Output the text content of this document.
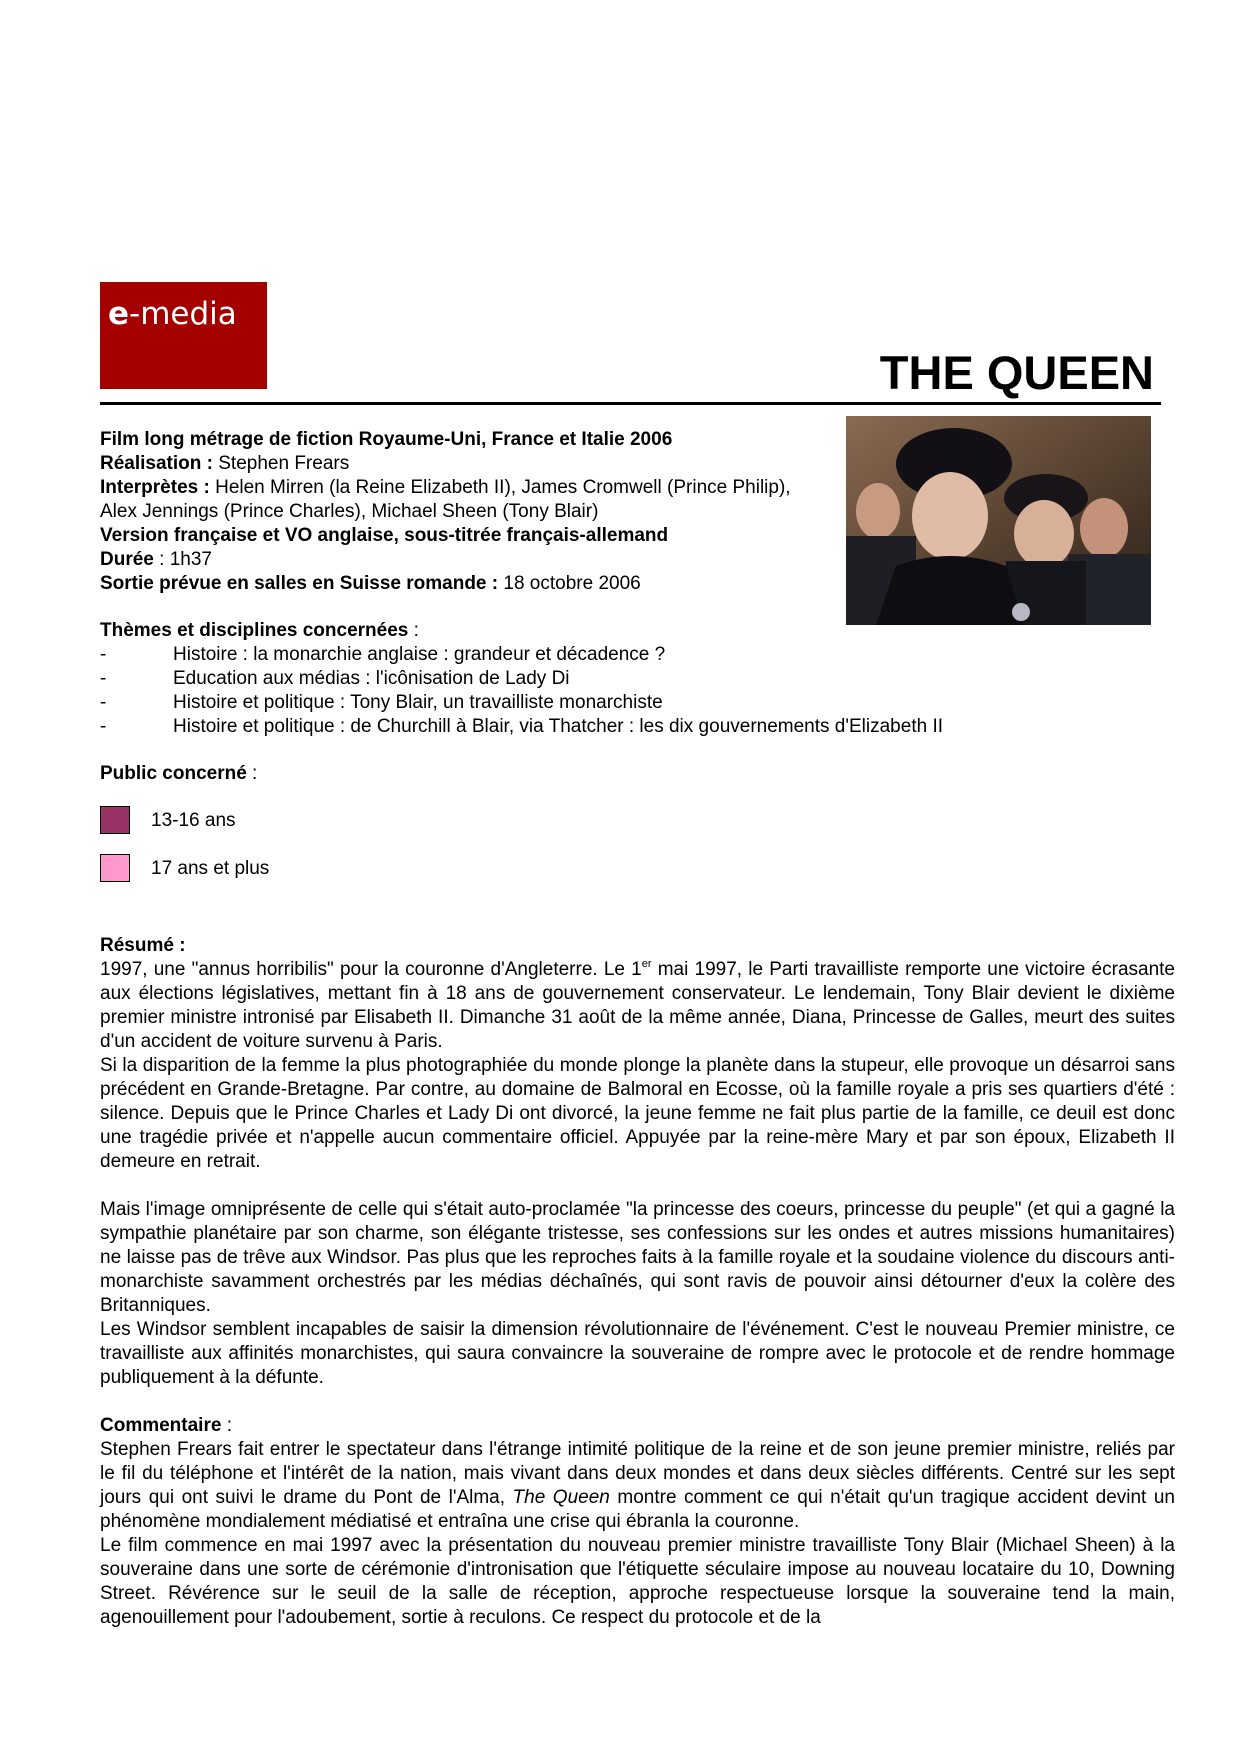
e-media
THE QUEEN

Film long métrage de fiction Royaume-Uni, France et Italie 2006

Réalisation : Stephen Frears

Interprètes : Helen Mirren (la Reine Elizabeth II), James Cromwell (Prince Philip), Alex Jennings (Prince Charles), Michael Sheen (Tony Blair)

Version française et VO anglaise, sous-titrée français-allemand

Durée : 1h37

Sortie prévue en salles en Suisse romande : 18 octobre 2006

Thèmes et disciplines concernées :
-	Histoire : la monarchie anglaise : grandeur et décadence ?
-	Education aux médias : l'icônisation de Lady Di
-	Histoire et politique : Tony Blair, un travailliste monarchiste
-	Histoire et politique : de Churchill à Blair, via Thatcher : les dix gouvernements d'Elizabeth II
Public concerné :
13-16 ans
17 ans et plus

Résumé :

1997, une "annus horribilis" pour la couronne d'Angleterre. Le 1er mai 1997, le Parti travailliste remporte une victoire écrasante aux élections législatives, mettant fin à 18 ans de gouvernement conservateur. Le lendemain, Tony Blair devient le dixième premier ministre intronisé par Elisabeth II. Dimanche 31 août de la même année, Diana, Princesse de Galles, meurt des suites d'un accident de voiture survenu à Paris.

Si la disparition de la femme la plus photographiée du monde plonge la planète dans la stupeur, elle provoque un désarroi sans précédent en Grande-Bretagne. Par contre, au domaine de Balmoral en Ecosse, où la famille royale a pris ses quartiers d'été : silence. Depuis que le Prince Charles et Lady Di ont divorcé, la jeune femme ne fait plus partie de la famille, ce deuil est donc une tragédie privée et n'appelle aucun commentaire officiel. Appuyée par la reine-mère Mary et par son époux, Elizabeth II demeure en retrait.

Mais l'image omniprésente de celle qui s'était auto-proclamée "la princesse des coeurs, princesse du peuple" (et qui a gagné la sympathie planétaire par son charme, son élégante tristesse, ses confessions sur les ondes et autres missions humanitaires) ne laisse pas de trêve aux Windsor. Pas plus que les reproches faits à la famille royale et la soudaine violence du discours anti-monarchiste savamment orchestrés par les médias déchaînés, qui sont ravis de pouvoir ainsi détourner d'eux la colère des Britanniques.

Les Windsor semblent incapables de saisir la dimension révolutionnaire de l'événement. C'est le nouveau Premier ministre, ce travailliste aux affinités monarchistes, qui saura convaincre la souveraine de rompre avec le protocole et de rendre hommage publiquement à la défunte.

Commentaire :

Stephen Frears fait entrer le spectateur dans l'étrange intimité politique de la reine et de son jeune premier ministre, reliés par le fil du téléphone et l'intérêt de la nation, mais vivant dans deux mondes et dans deux siècles différents. Centré sur les sept jours qui ont suivi le drame du Pont de l'Alma, The Queen montre comment ce qui n'était qu'un tragique accident devint un phénomène mondialement médiatisé et entraîna une crise qui ébranla la couronne.

Le film commence en mai 1997 avec la présentation du nouveau premier ministre travailliste Tony Blair (Michael Sheen) à la souveraine dans une sorte de cérémonie d'intronisation que l'étiquette séculaire impose au nouveau locataire du 10, Downing Street. Révérence sur le seuil de la salle de réception, approche respectueuse lorsque la souveraine tend la main, agenouillement pour l'adoubement, sortie à reculons. Ce respect du protocole et de la
